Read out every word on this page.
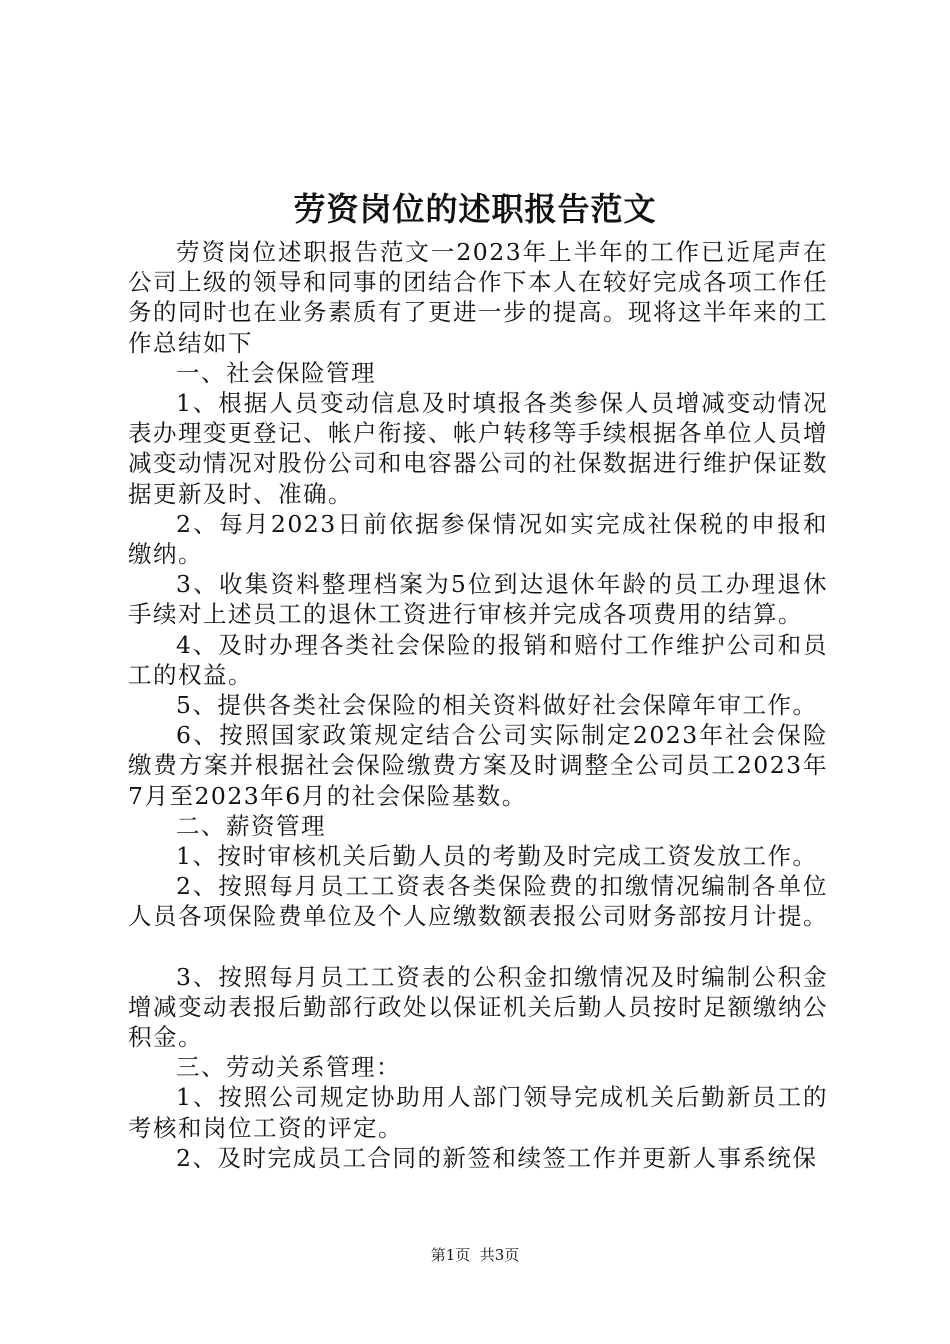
劳资岗位的述职报告范文

劳资岗位述职报告范文一2023年上半年的工作已近尾声在公司上级的领导和同事的团结合作下本人在较好完成各项工作任务的同时也在业务素质有了更进一步的提高。现将这半年来的工作总结如下

一、社会保险管理

1、根据人员变动信息及时填报各类参保人员增减变动情况表办理变更登记、帐户衔接、帐户转移等手续根据各单位人员增减变动情况对股份公司和电容器公司的社保数据进行维护保证数据更新及时、准确。

2、每月2023日前依据参保情况如实完成社保税的申报和缴纳。

3、收集资料整理档案为5位到达退休年龄的员工办理退休手续对上述员工的退休工资进行审核并完成各项费用的结算。

4、及时办理各类社会保险的报销和赔付工作维护公司和员工的权益。

5、提供各类社会保险的相关资料做好社会保障年审工作。

6、按照国家政策规定结合公司实际制定2023年社会保险缴费方案并根据社会保险缴费方案及时调整全公司员工2023年7月至2023年6月的社会保险基数。

二、薪资管理

1、按时审核机关后勤人员的考勤及时完成工资发放工作。

2、按照每月员工工资表各类保险费的扣缴情况编制各单位人员各项保险费单位及个人应缴数额表报公司财务部按月计提。

3、按照每月员工工资表的公积金扣缴情况及时编制公积金增减变动表报后勤部行政处以保证机关后勤人员按时足额缴纳公积金。

三、劳动关系管理：

1、按照公司规定协助用人部门领导完成机关后勤新员工的考核和岗位工资的评定。

2、及时完成员工合同的新签和续签工作并更新人事系统保

第1页  共3页
